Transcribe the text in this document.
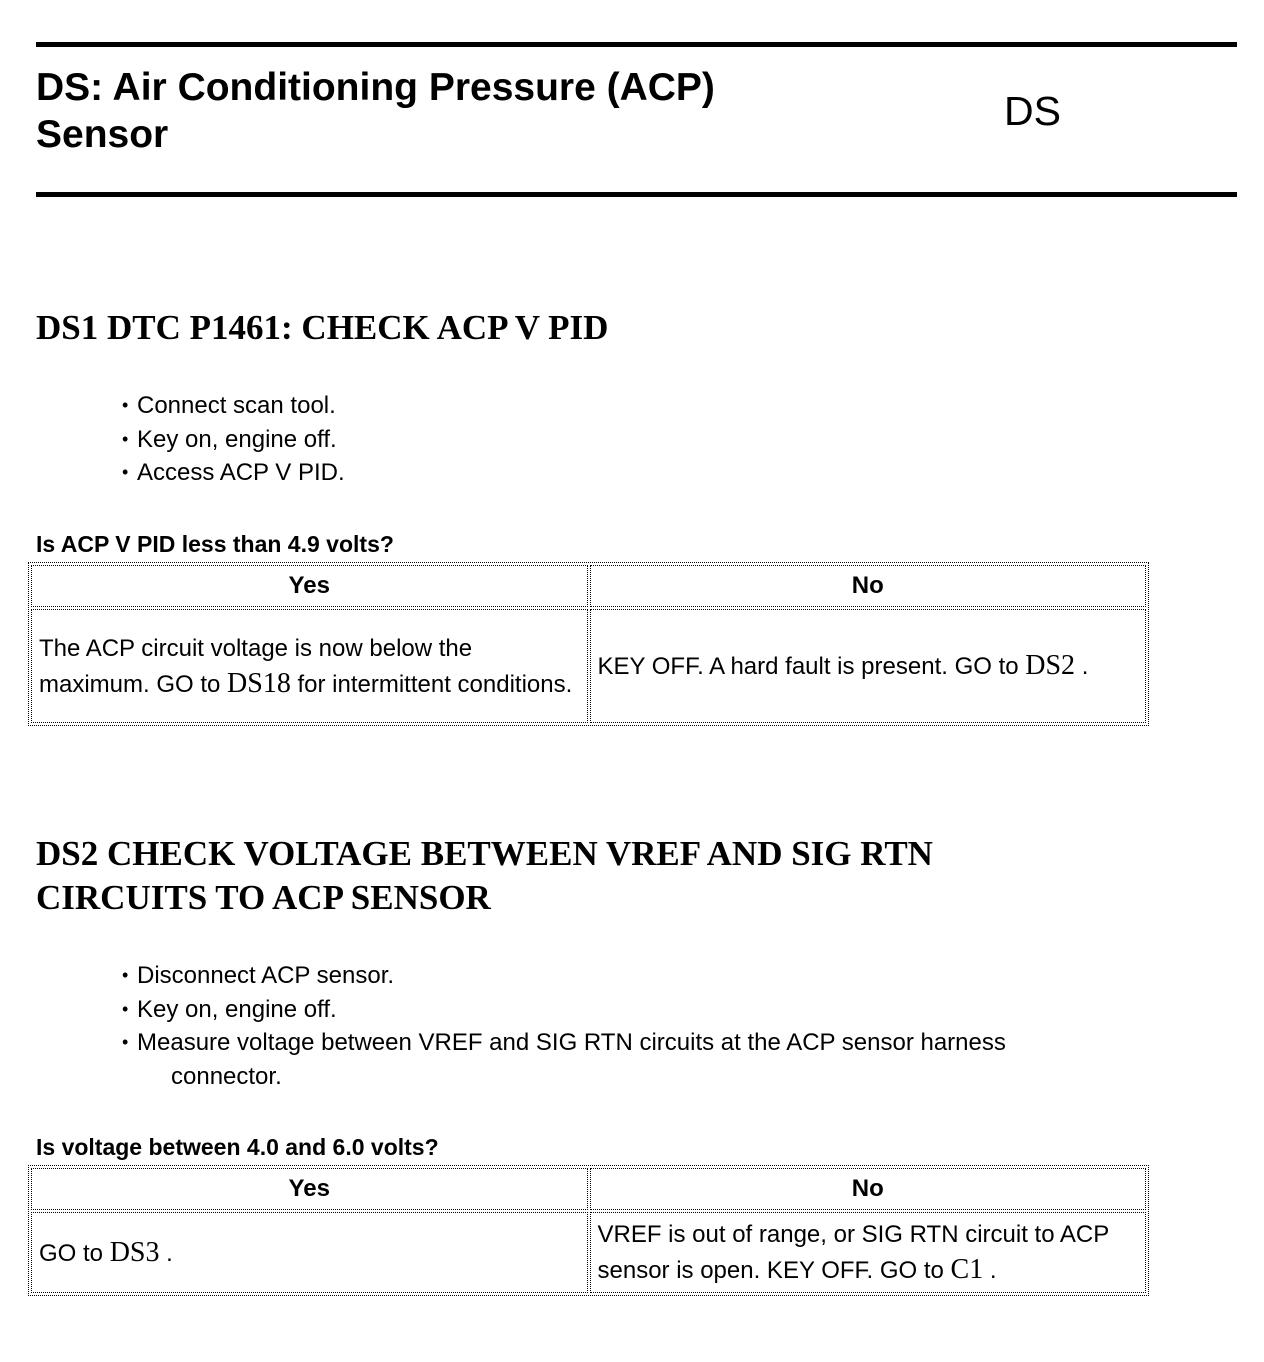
DS: Air Conditioning Pressure (ACP)
Sensor
DS
DS1 DTC P1461: CHECK ACP V PID
• Connect scan tool.
• Key on, engine off.
• Access ACP V PID.

Is ACP V PID less than 4.9 volts?

Yes	No
The ACP circuit voltage is now below the maximum. GO to DS18 for intermittent conditions.	KEY OFF. A hard fault is present. GO to DS2 .
DS2 CHECK VOLTAGE BETWEEN VREF AND SIG RTN
CIRCUITS TO ACP SENSOR
• Disconnect ACP sensor.
• Key on, engine off.
• Measure voltage between VREF and SIG RTN circuits at the ACP sensor harness
connector.

Is voltage between 4.0 and 6.0 volts?

Yes	No
GO to DS3 .	VREF is out of range, or SIG RTN circuit to ACP sensor is open. KEY OFF. GO to C1 .
